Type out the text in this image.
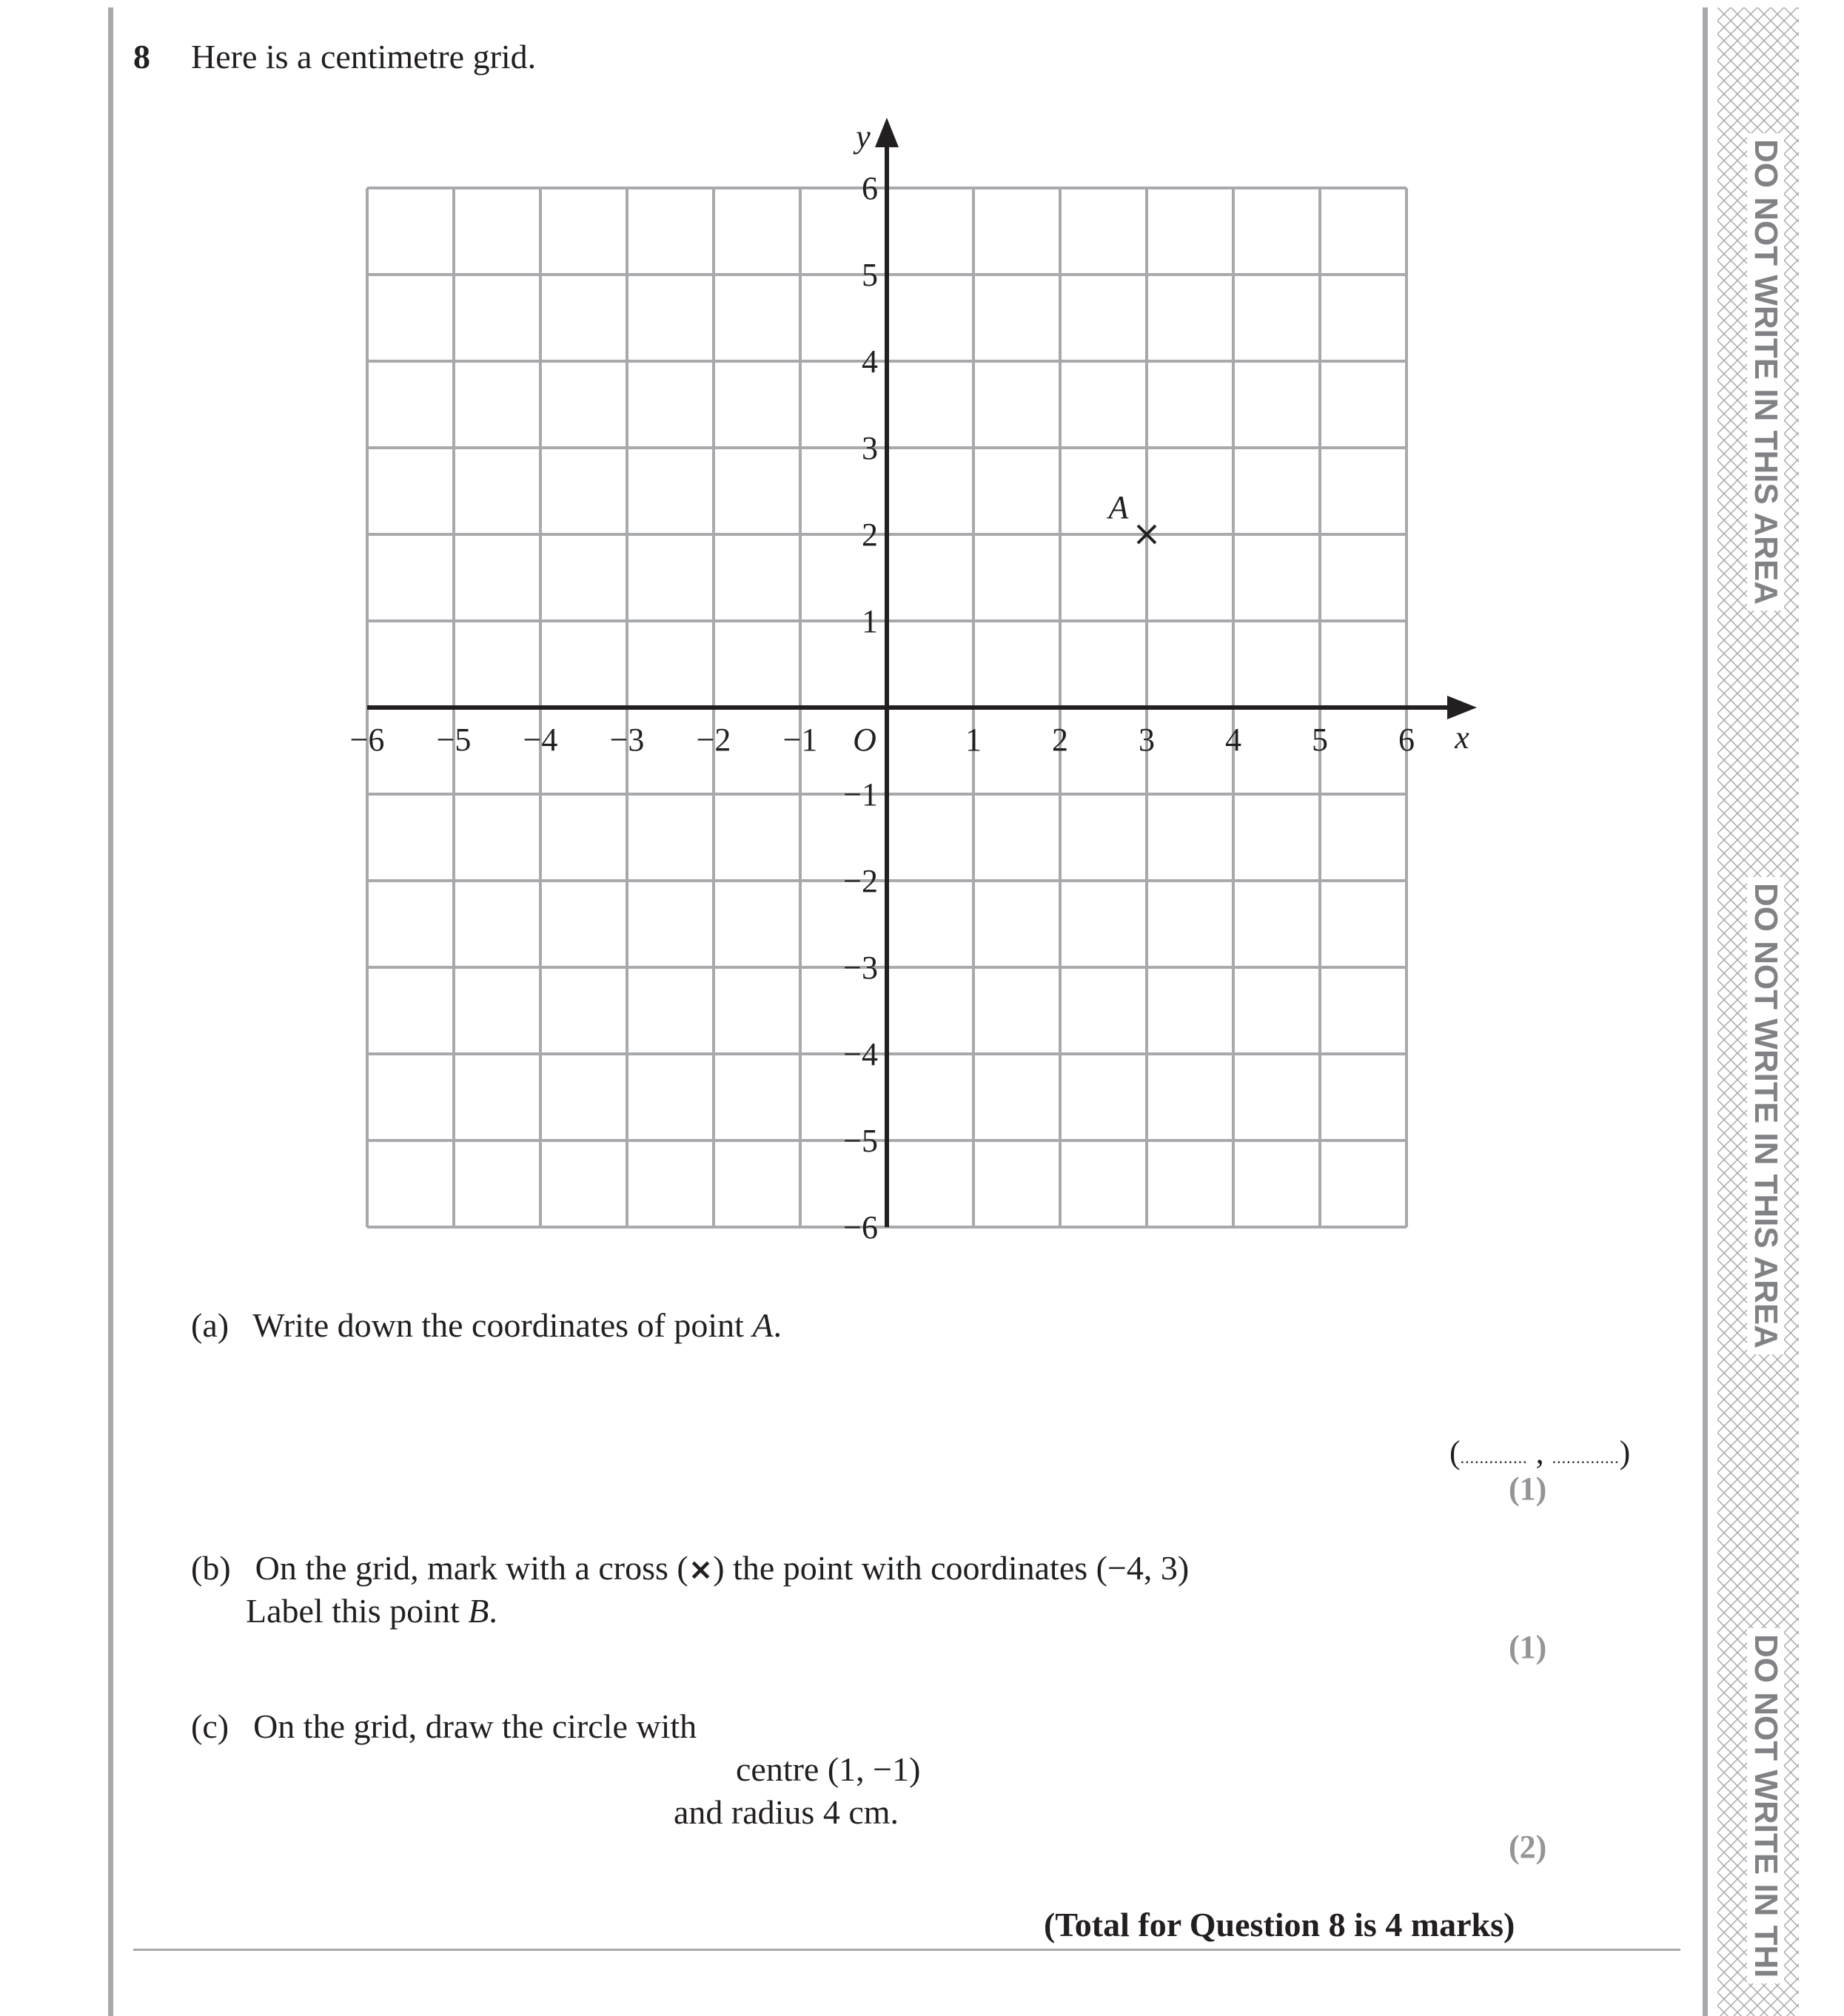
8 Here is a centimetre grid.
−6 −5 −4 −3 −2 −1	1 2 3 4 5 6
6
5
4
3
2
1
−1
−2
−3
−4
−5
−6
O	x
y
A
(a) Write down the coordinates of point A.
(.............. , ..............)
(1)
(b) On the grid, mark with a cross (×) the point with coordinates (−4, 3)
Label this point B.
(1)
(c) On the grid, draw the circle with
centre (1, −1)
and radius 4 cm.
(2)
(Total for Question 8 is 4 marks)
DO NOT WRITE IN THIS AREA
DO NOT WRITE IN THIS AREA
DO NOT WRITE IN THI
